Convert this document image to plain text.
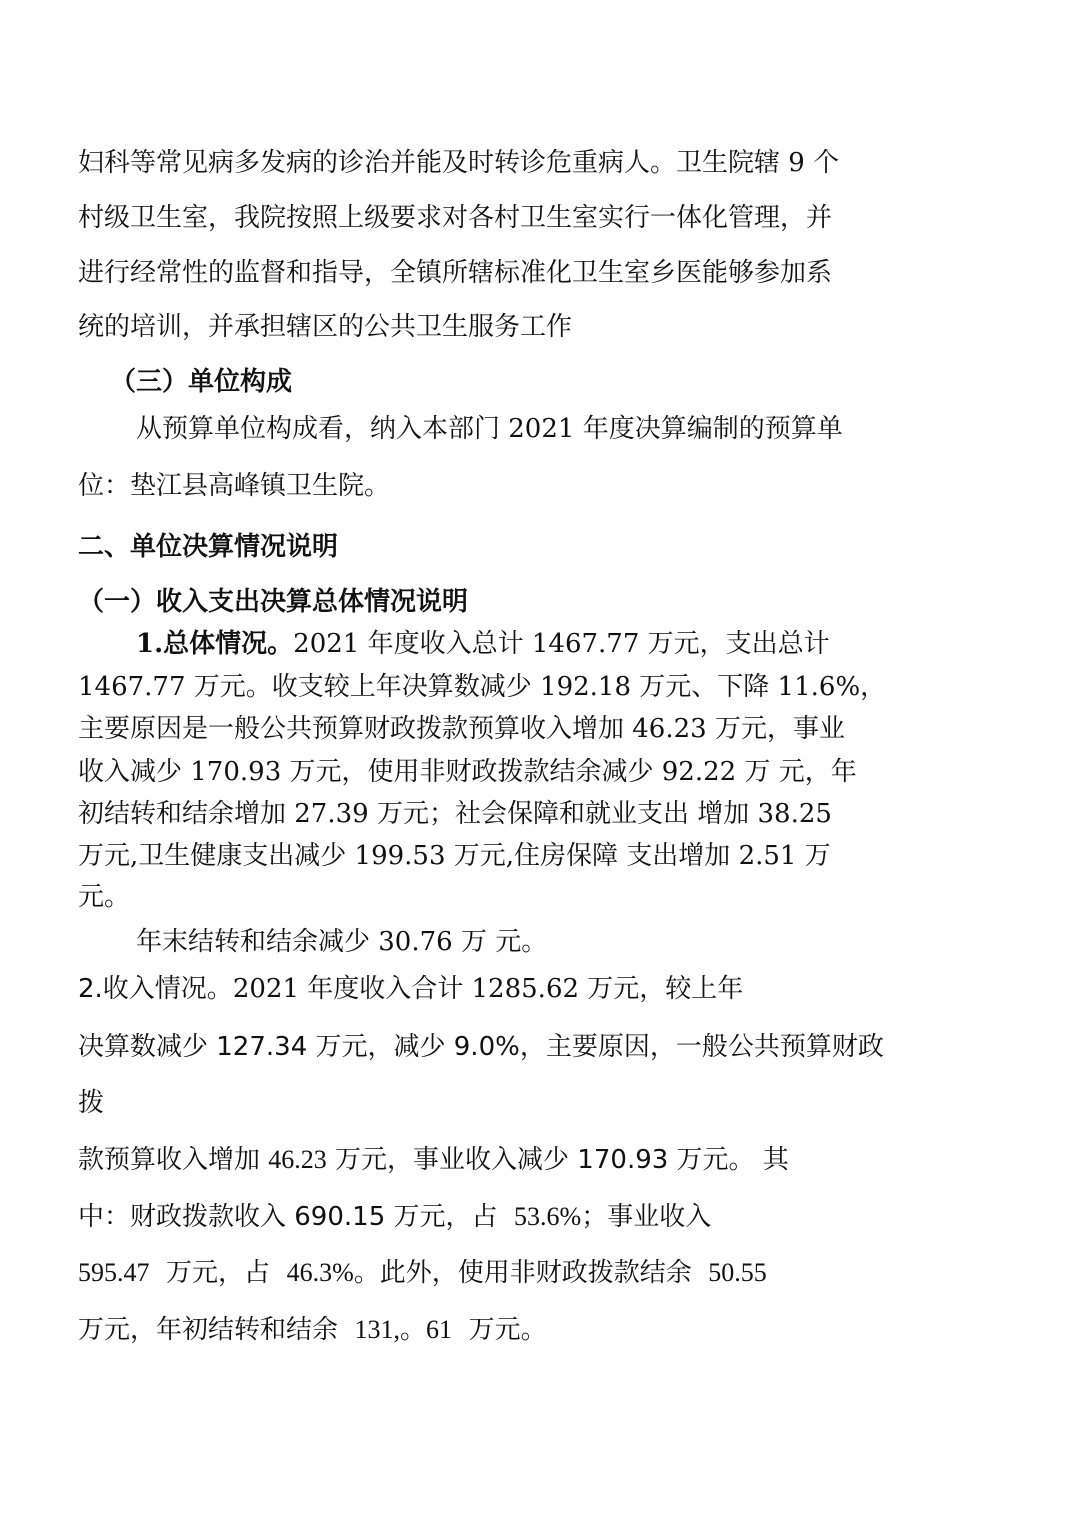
妇科等常见病多发病的诊治并能及时转诊危重病人。卫生院辖 9 个
村级卫生室，我院按照上级要求对各村卫生室实行一体化管理，并
进行经常性的监督和指导，全镇所辖标准化卫生室乡医能够参加系
统的培训，并承担辖区的公共卫生服务工作
（三）单位构成
从预算单位构成看，纳入本部门 2021 年度决算编制的预算单
位：垫江县高峰镇卫生院。
二、单位决算情况说明
（一）收入支出决算总体情况说明
1.总体情况。2021 年度收入总计 1467.77 万元，支出总计
1467.77 万元。收支较上年决算数减少 192.18 万元、下降 11.6%，
主要原因是一般公共预算财政拨款预算收入增加 46.23 万元，事业
收入减少 170.93 万元，使用非财政拨款结余减少 92.22 万 元，年
初结转和结余增加 27.39 万元；社会保障和就业支出 增加 38.25
万元,卫生健康支出减少 199.53 万元,住房保障 支出增加 2.51 万
元。
年末结转和结余减少 30.76 万 元。
2.收入情况。2021 年度收入合计 1285.62 万元，较上年
决算数减少 127.34 万元，减少 9.0%，主要原因，一般公共预算财政
拨
款预算收入增加 46.23 万元，事业收入减少 170.93 万元。 其
中：财政拨款收入 690.15 万元，占 53.6%；事业收入
595.47 万元，占 46.3%。此外，使用非财政拨款结余 50.55
万元，年初结转和结余 131,。61 万元。
